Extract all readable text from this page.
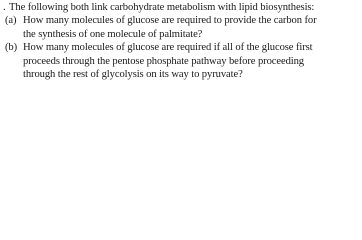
. The following both link carbohydrate metabolism with lipid biosynthesis:
(a) How many molecules of glucose are required to provide the carbon for
the synthesis of one molecule of palmitate?
(b) How many molecules of glucose are required if all of the glucose first
proceeds through the pentose phosphate pathway before proceeding
through the rest of glycolysis on its way to pyruvate?
